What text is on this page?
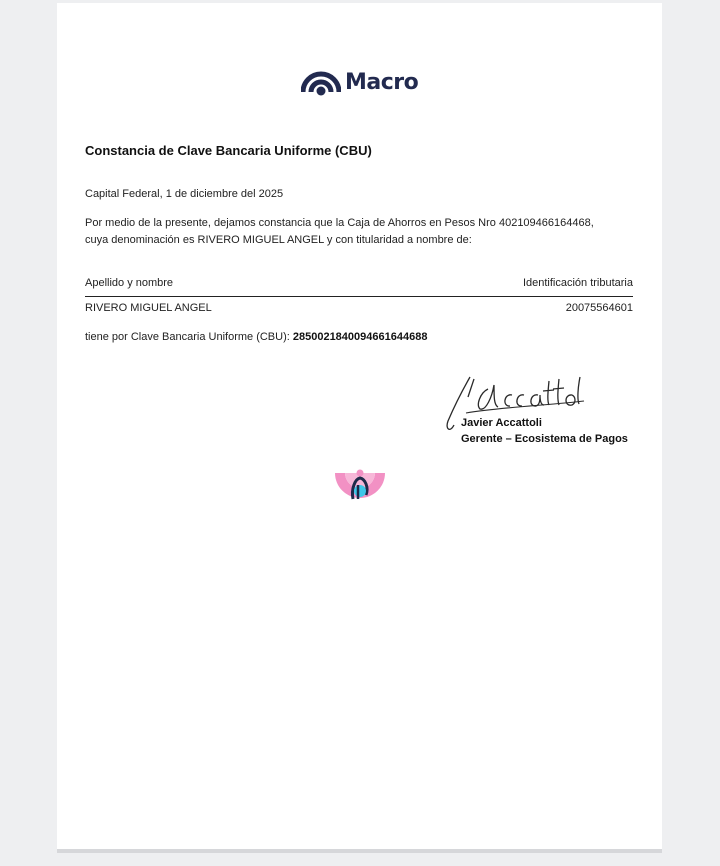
Macro
Constancia de Clave Bancaria Uniforme (CBU)
Capital Federal, 1 de diciembre del 2025
Por medio de la presente, dejamos constancia que la Caja de Ahorros en Pesos Nro 402109466164468,
cuya denominación es RIVERO MIGUEL ANGEL y con titularidad a nombre de:
Apellido y nombre	Identificación tributaria
RIVERO MIGUEL ANGEL	20075564601
tiene por Clave Bancaria Uniforme (CBU): 2850021840094661644688
Accattoli
Javier Accattoli
Gerente – Ecosistema de Pagos
